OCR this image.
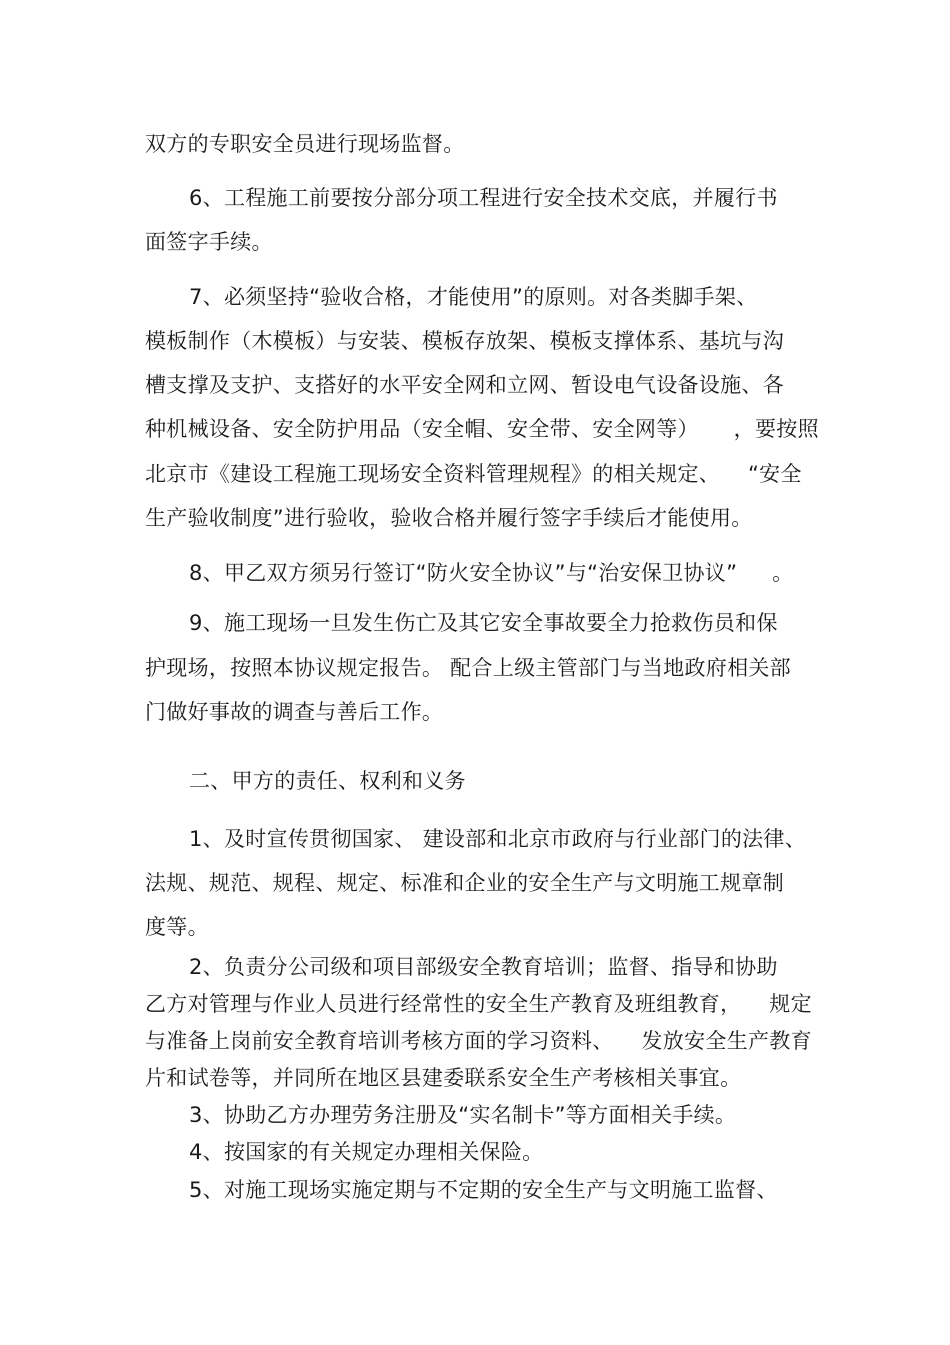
双方的专职安全员进行现场监督。
6、工程施工前要按分部分项工程进行安全技术交底，并履行书
面签字手续。
7、必须坚持“验收合格，才能使用”的原则。对各类脚手架、
模板制作（木模板）与安装、模板存放架、模板支撑体系、基坑与沟
槽支撑及支护、支搭好的水平安全网和立网、暂设电气设备设施、各
种机械设备、安全防护用品（安全帽、安全带、安全网等）     ，要按照
北京市《建设工程施工现场安全资料管理规程》的相关规定、    “安全
生产验收制度”进行验收，验收合格并履行签字手续后才能使用。
8、甲乙双方须另行签订“防火安全协议”与“治安保卫协议”     。
9、施工现场一旦发生伤亡及其它安全事故要全力抢救伤员和保
护现场，按照本协议规定报告。 配合上级主管部门与当地政府相关部
门做好事故的调查与善后工作。
二、甲方的责任、权利和义务
1、及时宣传贯彻国家、 建设部和北京市政府与行业部门的法律、
法规、规范、规程、规定、标准和企业的安全生产与文明施工规章制
度等。
2、负责分公司级和项目部级安全教育培训；监督、指导和协助
乙方对管理与作业人员进行经常性的安全生产教育及班组教育，    规定
与准备上岗前安全教育培训考核方面的学习资料、    发放安全生产教育
片和试卷等，并同所在地区县建委联系安全生产考核相关事宜。
3、协助乙方办理劳务注册及“实名制卡”等方面相关手续。
4、按国家的有关规定办理相关保险。
5、对施工现场实施定期与不定期的安全生产与文明施工监督、
